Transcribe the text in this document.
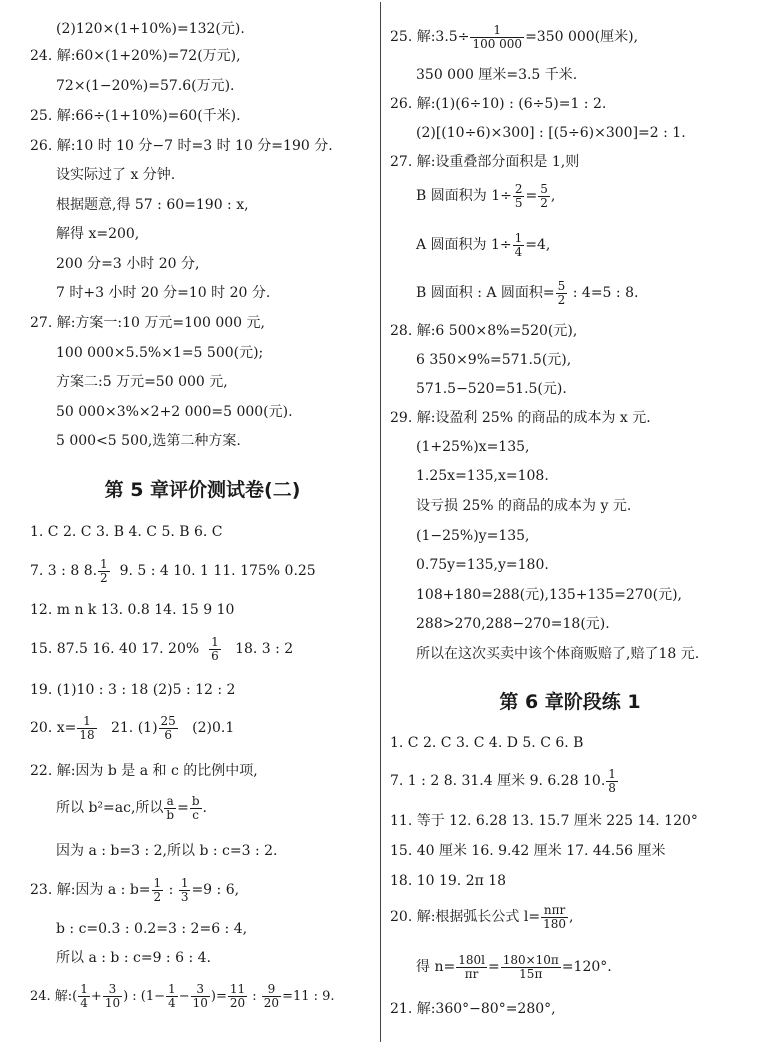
(2)120×(1+10%)=132(元).
24. 解:60×(1+20%)=72(万元),
72×(1−20%)=57.6(万元).
25. 解:66÷(1+10%)=60(千米).
26. 解:10 时 10 分−7 时=3 时 10 分=190 分.
设实际过了 x 分钟.
根据题意,得 57 : 60=190 : x,
解得 x=200,
200 分=3 小时 20 分,
7 时+3 小时 20 分=10 时 20 分.
27. 解:方案一:10 万元=100 000 元,
100 000×5.5%×1=5 500(元);
方案二:5 万元=50 000 元,
50 000×3%×2+2 000=5 000(元).
5 000<5 500,选第二种方案.
第 5 章评价测试卷(二)
1. C 2. C 3. B 4. C 5. B 6. C
7. 3 : 8 8. $\frac{1}{2} 9$. 5 : 4 10. 1 11. 175% 0.25
12. m n k 13. 0.8 14. 15 9 10
15. 87.5 16. 40 17. $20\% \frac{1}{6} 18$. 3 : 2
19. (1)10 : 3 : 18 (2)5 : 12 : 2
20. $x= \frac{1}{18} 21$. $(1) \frac{25}{6} (2)0.1$
22. 解:因为 b 是 a 和 c 的比例中项,
所以 b²=ac,所以 $\frac{a}{b} = \frac{b}{c}$ .
因为 a : b=3 : 2,所以 b : c=3 : 2.
23. 解:因为 a : $b= \frac{1}{2}$ : $\frac{1}{3} =9$ : 6,
b : c=0.3 : 0.2=3 : 2=6 : 4,
所以 a : b : c=9 : 6 : 4.
24. 解:( $\frac{1}{4} + \frac{3}{10}$ ) : ($1- \frac{1}{4} - \frac{3}{10}$ )= $\frac{11}{20}$ : $\frac{9}{20} =11$ : 9.
25. 解:3.5÷ $\frac{1}{100 000} =350$ 000(厘米),
350 000 厘米=3.5 千米.
26. 解:(1)(6÷10) : (6÷5)=1 : 2.
(2)[(10÷6)×300] : [(5÷6)×300]=2 : 1.
27. 解:设重叠部分面积是 1,则
B 圆面积为 $1\div \frac{2}{5} = \frac{5}{2}$ ,
A 圆面积为 $1\div \frac{1}{4} =4$,
B 圆面积 : A 圆面积= $\frac{5}{2}$ : 4=5 : 8.
28. 解:6 500×8%=520(元),
6 350×9%=571.5(元),
571.5−520=51.5(元).
29. 解:设盈利 25% 的商品的成本为 x 元.
(1+25%)x=135,
1.25x=135,x=108.
设亏损 25% 的商品的成本为 y 元.
(1−25%)y=135,
0.75y=135,y=180.
108+180=288(元),135+135=270(元),
288>270,288−270=18(元).
所以在这次买卖中该个体商贩赔了,赔了18 元.
第 6 章阶段练 1
1. C 2. C 3. C 4. D 5. C 6. B
7. 1 : 2 8. 31.4 厘米 9. 6.28 10. $\frac{1}{8}$
11. 等于 12. 6.28 13. 15.7 厘米 225 14. 120°
15. 40 厘米 16. 9.42 厘米 17. 44.56 厘米
18. 10 19. 2π 18
20. 解:根据弧长公式 $l= \frac{\text{nπr}}{180}$ ,
得 $n= \frac{180l}{\pi r} = \frac{180\times 10\pi}{15\pi} =120^\circ$.
21. 解:360°−80°=280°,
